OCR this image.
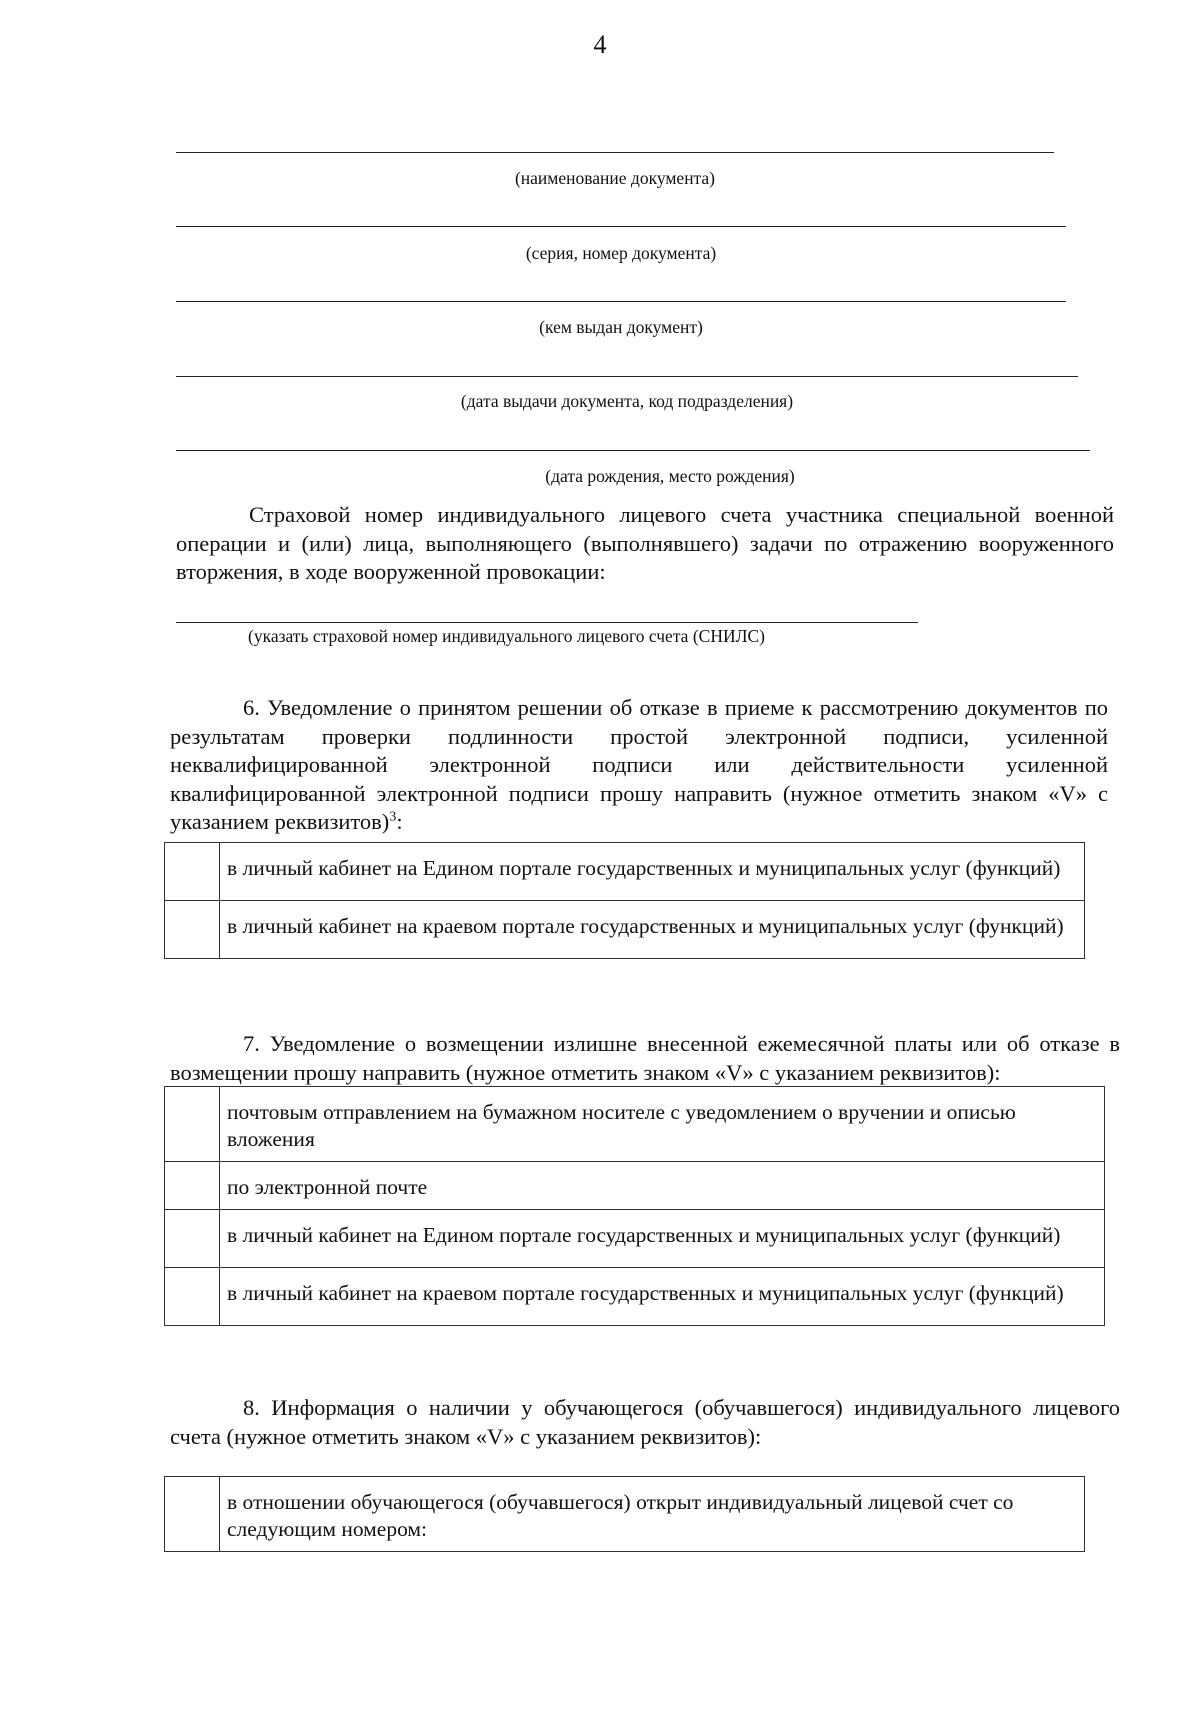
4
(наименование документа)
(серия, номер документа)
(кем выдан документ)
(дата выдачи документа, код подразделения)
(дата рождения, место рождения)

Страховой номер индивидуального лицевого счета участника специальной военной операции и (или) лица, выполняющего (выполнявшего) задачи по отражению вооруженного вторжения, в ходе вооруженной провокации:

(указать страховой номер индивидуального лицевого счета (СНИЛС)

6. Уведомление о принятом решении об отказе в приеме к рассмотрению документов по результатам проверки подлинности простой электронной подписи, усиленной неквалифицированной электронной подписи или действительности усиленной квалифицированной электронной подписи прошу направить (нужное отметить знаком «V» с указанием реквизитов)$^3$:

	в личный кабинет на Едином портале государственных и муниципальных услуг (функций)
	в личный кабинет на краевом портале государственных и муниципальных услуг (функций)

7. Уведомление о возмещении излишне внесенной ежемесячной платы или об отказе в возмещении прошу направить (нужное отметить знаком «V» с указанием реквизитов):

	почтовым отправлением на бумажном носителе с уведомлением о вручении и описью вложения
	по электронной почте
	в личный кабинет на Едином портале государственных и муниципальных услуг (функций)
	в личный кабинет на краевом портале государственных и муниципальных услуг (функций)

8. Информация о наличии у обучающегося (обучавшегося) индивидуального лицевого счета (нужное отметить знаком «V» с указанием реквизитов):

	в отношении обучающегося (обучавшегося) открыт индивидуальный лицевой счет со следующим номером:
